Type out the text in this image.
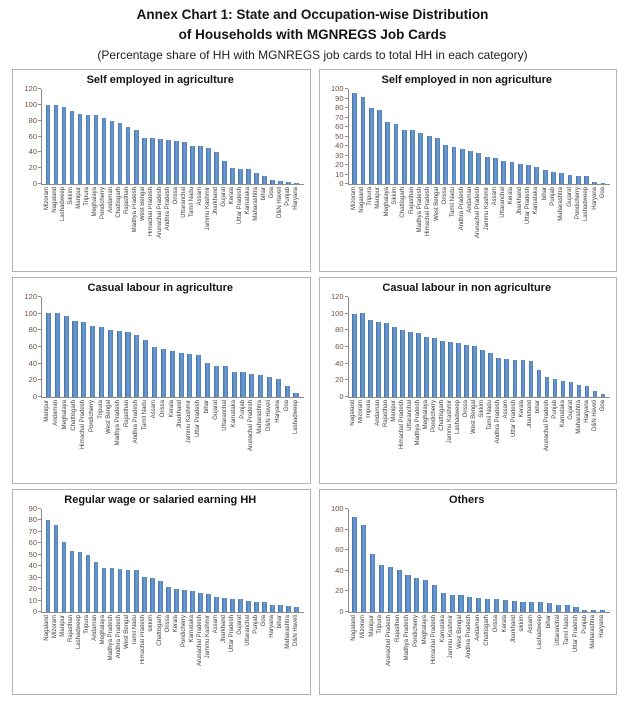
Annex Chart 1: State and Occupation-wise Distribution
of Households with MGNREGS Job Cards
(Percentage share of HH with MGNREGS job cards to total HH in each category)
Self employed in agriculture
120
100
80
60
40
20
0
Mizoram Nagaland Lashadweep Sikkim Manipur Tripura Meghalaya Pondicherry Andaman Chattisgarh Rajasthan Madhya Pradesh West Bengal Himachal Pradesh Arunachal Pradesh Andhra Pradesh Orissa Uttaranchal Tamil Nadu Assam Jammu Kashmir Jharkhand Gujarat Kerala Uttar Pradesh Karnataka Maharashtra bihar Goa D&N Haveli Punjab Haryana
Self employed in non agriculture
100
90
80
70
60
50
40
30
20
10
0
Mizoram Nagaland Tripura Manipur Meghalaya Sikkim Chattisgarh Rajasthan Madhya Pradesh Himachal Pradesh West Bengal Orissa Tamil Nadu Andhra Pradesh Andaman Arunachal Pradesh Jammu Kashmir Assam Uttaranchal Kerala Jharkhand Uttar Pradesh Karnataka bihar Punjab Maharashtra Gujarat Pondicherry Lashadweep Haryana Goa
Casual labour in agriculture
120
100
80
60
40
20
0
Manipur Andaman Meghalaya Chattisgarh Himachal Pradesh Pondicherry Tripura West Bengal Madhya Pradesh Rajasthan Andhra Pradesh Tamil Nadu Assam Orissa Kerala Jharkhand Jammu Kashmir Uttar Pradesh bihar Gujarat Uttaranchal Karnataka Punjab Arunachal Pradesh Maharashtra D&N Haveli Haryana Goa Lashadweep
Casual labour in non agriculture
120
100
80
60
40
20
0
Nagaland Mizoram Tripura Andaman Rajasthan Manipur Himachal Pradesh Uttaranchal Madhya Pradesh Meghalaya Pondicherry Chattisgarh Jammu Kashmir Lashadweep Orissa West Bengal Sikkim Tamil Nadu Andhra Pradesh Assam Uttar Pradesh Kerala Jharkhand bihar Arunachal Pradesh Punjab Karnataka Gujarat Maharashtra Haryana D&N Haveli Goa
Regular wage or salaried earning HH
90
80
70
60
50
40
30
20
10
0
Nagaland Mizoram Manipur Rajasthan Lashadweep Tripura Andaman Meghalaya Madhya Pradesh Andhra Pradesh West Bengal Tamil Nadu Himachal Pradesh sikkim Chattisgarh Orissa Kerala Pondicherry Karnataka Arunachal Pradesh Jammu Kashmir Assam Jharkhand Uttar Pradesh Gujarat Uttaranchal Punjab Goa Haryana bihar Maharashtra D&N Haveli
Others
100
80
60
40
20
0
Nagaland Mizoram Manipur Tripura Arunachal Pradesh Rajasthan Madhya Pradesh Pondicherry Meghalaya Himachal Pradesh Karnataka Jammu Kashmir West Bengal Andhra Pradesh Andaman Chattisgarh Orissa Kerala Jharkhand sikkim Assam Lashadweep bihar Uttaranchal Tamil Nadu Uttar Pradesh Punjab Maharashtra Haryana
